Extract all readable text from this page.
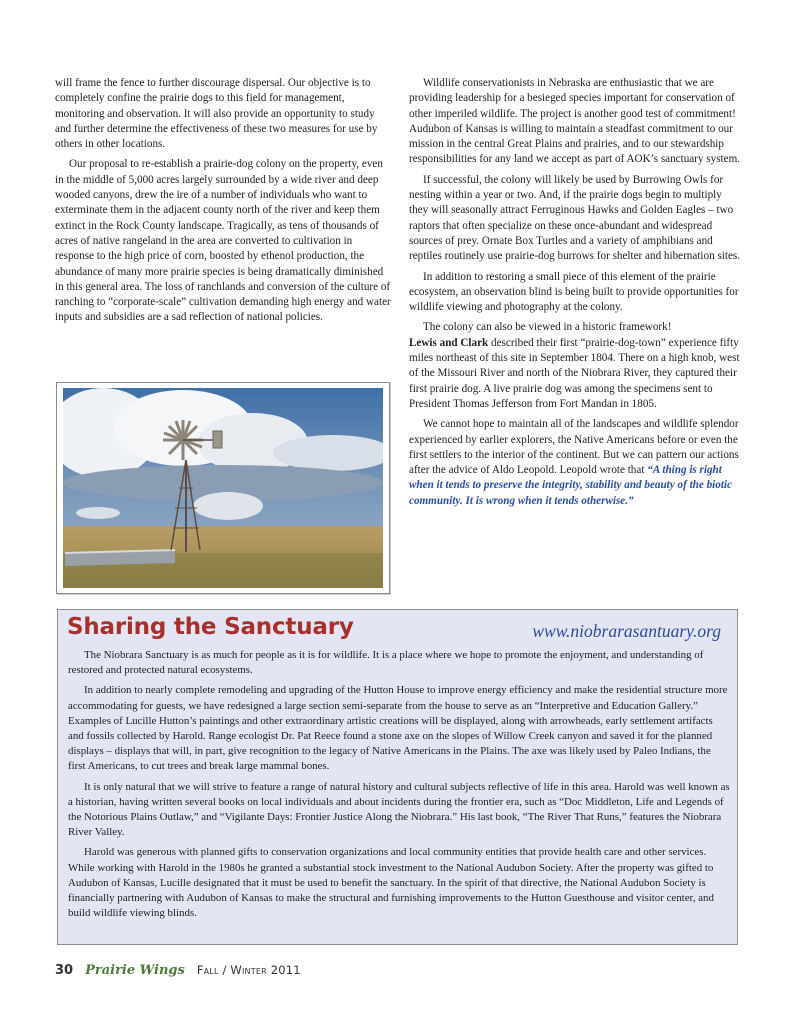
will frame the fence to further discourage dispersal. Our objective is to completely confine the prairie dogs to this field for management, monitoring and observation. It will also provide an opportunity to study and further determine the effectiveness of these two measures for use by others in other locations.

Our proposal to re-establish a prairie-dog colony on the property, even in the middle of 5,000 acres largely surrounded by a wide river and deep wooded canyons, drew the ire of a number of individuals who want to exterminate them in the adjacent county north of the river and keep them extinct in the Rock County landscape. Tragically, as tens of thousands of acres of native rangeland in the area are converted to cultivation in response to the high price of corn, boosted by ethenol production, the abundance of many more prairie species is being dramatically diminished in this general area. The loss of ranchlands and conversion of the culture of ranching to “corporate-scale” cultivation demanding high energy and water inputs and subsidies are a sad reflection of national policies.

Wildlife conservationists in Nebraska are enthusiastic that we are providing leadership for a besieged species important for conservation of other imperiled wildlife. The project is another good test of commitment! Audubon of Kansas is willing to maintain a steadfast commitment to our mission in the central Great Plains and prairies, and to our stewardship responsibilities for any land we accept as part of AOK’s sanctuary system.

If successful, the colony will likely be used by Burrowing Owls for nesting within a year or two. And, if the prairie dogs begin to multiply they will seasonally attract Ferruginous Hawks and Golden Eagles – two raptors that often specialize on these once-abundant and widespread sources of prey. Ornate Box Turtles and a variety of amphibians and reptiles routinely use prairie-dog burrows for shelter and hibernation sites.

In addition to restoring a small piece of this element of the prairie ecosystem, an observation blind is being built to provide opportunities for wildlife viewing and photography at the colony.

The colony can also be viewed in a historic framework!

Lewis and Clark described their first “prairie-dog-town” experience fifty miles northeast of this site in September 1804. There on a high knob, west of the Missouri River and north of the Niobrara River, they captured their first prairie dog. A live prairie dog was among the specimens sent to President Thomas Jefferson from Fort Mandan in 1805.

We cannot hope to maintain all of the landscapes and wildlife splendor experienced by earlier explorers, the Native Americans before or even the first settlers to the interior of the continent. But we can pattern our actions after the advice of Aldo Leopold. Leopold wrote that “A thing is right when it tends to preserve the integrity, stability and beauty of the biotic community. It is wrong when it tends otherwise.”

Sharing the Sanctuary	www.niobrarasantuary.org

The Niobrara Sanctuary is as much for people as it is for wildlife. It is a place where we hope to promote the enjoyment, and understanding of restored and protected natural ecosystems.

In addition to nearly complete remodeling and upgrading of the Hutton House to improve energy efficiency and make the residential structure more accommodating for guests, we have redesigned a large section semi-separate from the house to serve as an “Interpretive and Education Gallery.” Examples of Lucille Hutton’s paintings and other extraordinary artistic creations will be displayed, along with arrowheads, early settlement artifacts and fossils collected by Harold. Range ecologist Dr. Pat Reece found a stone axe on the slopes of Willow Creek canyon and saved it for the planned displays – displays that will, in part, give recognition to the legacy of Native Americans in the Plains. The axe was likely used by Paleo Indians, the first Americans, to cut trees and break large mammal bones.

It is only natural that we will strive to feature a range of natural history and cultural subjects reflective of life in this area. Harold was well known as a historian, having written several books on local individuals and about incidents during the frontier era, such as “Doc Middleton, Life and Legends of the Notorious Plains Outlaw,” and “Vigilante Days: Frontier Justice Along the Niobrara.” His last book, “The River That Runs,” features the Niobrara River Valley.

Harold was generous with planned gifts to conservation organizations and local community entities that provide health care and other services. While working with Harold in the 1980s he granted a substantial stock investment to the National Audubon Society. After the property was gifted to Audubon of Kansas, Lucille designated that it must be used to benefit the sanctuary. In the spirit of that directive, the National Audubon Society is financially partnering with Audubon of Kansas to make the structural and furnishing improvements to the Hutton Guesthouse and visitor center, and build wildlife viewing blinds.

30 Prairie Wings Fall / Winter 2011
